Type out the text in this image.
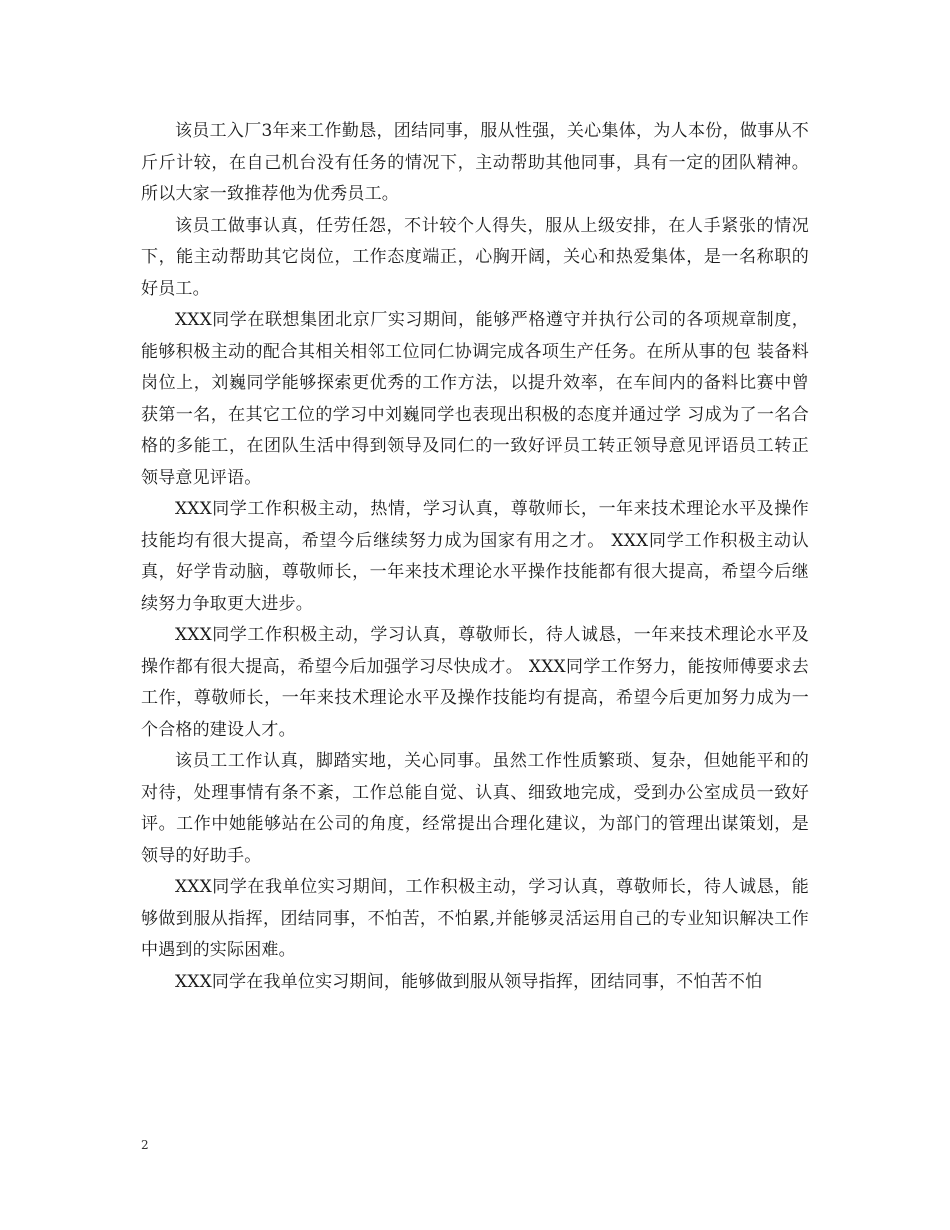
该员工入厂3年来工作勤恳，团结同事，服从性强，关心集体，为人本份，做事从不斤斤计较，在自己机台没有任务的情况下，主动帮助其他同事，具有一定的团队精神。所以大家一致推荐他为优秀员工。

该员工做事认真，任劳任怨，不计较个人得失，服从上级安排，在人手紧张的情况下，能主动帮助其它岗位，工作态度端正，心胸开阔，关心和热爱集体，是一名称职的好员工。

XXX同学在联想集团北京厂实习期间，能够严格遵守并执行公司的各项规章制度，能够积极主动的配合其相关相邻工位同仁协调完成各项生产任务。在所从事的包 装备料岗位上，刘巍同学能够探索更优秀的工作方法，以提升效率，在车间内的备料比赛中曾获第一名，在其它工位的学习中刘巍同学也表现出积极的态度并通过学 习成为了一名合格的多能工，在团队生活中得到领导及同仁的一致好评员工转正领导意见评语员工转正领导意见评语。

XXX同学工作积极主动，热情，学习认真，尊敬师长，一年来技术理论水平及操作技能均有很大提高，希望今后继续努力成为国家有用之才。 XXX同学工作积极主动认真，好学肯动脑，尊敬师长，一年来技术理论水平操作技能都有很大提高，希望今后继续努力争取更大进步。

XXX同学工作积极主动，学习认真，尊敬师长，待人诚恳，一年来技术理论水平及操作都有很大提高，希望今后加强学习尽快成才。 XXX同学工作努力，能按师傅要求去工作，尊敬师长，一年来技术理论水平及操作技能均有提高，希望今后更加努力成为一个合格的建设人才。

该员工工作认真，脚踏实地，关心同事。虽然工作性质繁琐、复杂，但她能平和的对待，处理事情有条不紊，工作总能自觉、认真、细致地完成，受到办公室成员一致好评。工作中她能够站在公司的角度，经常提出合理化建议，为部门的管理出谋策划，是领导的好助手。

XXX同学在我单位实习期间，工作积极主动，学习认真，尊敬师长，待人诚恳，能够做到服从指挥，团结同事，不怕苦，不怕累,并能够灵活运用自己的专业知识解决工作中遇到的实际困难。

XXX同学在我单位实习期间，能够做到服从领导指挥，团结同事，不怕苦不怕

2
